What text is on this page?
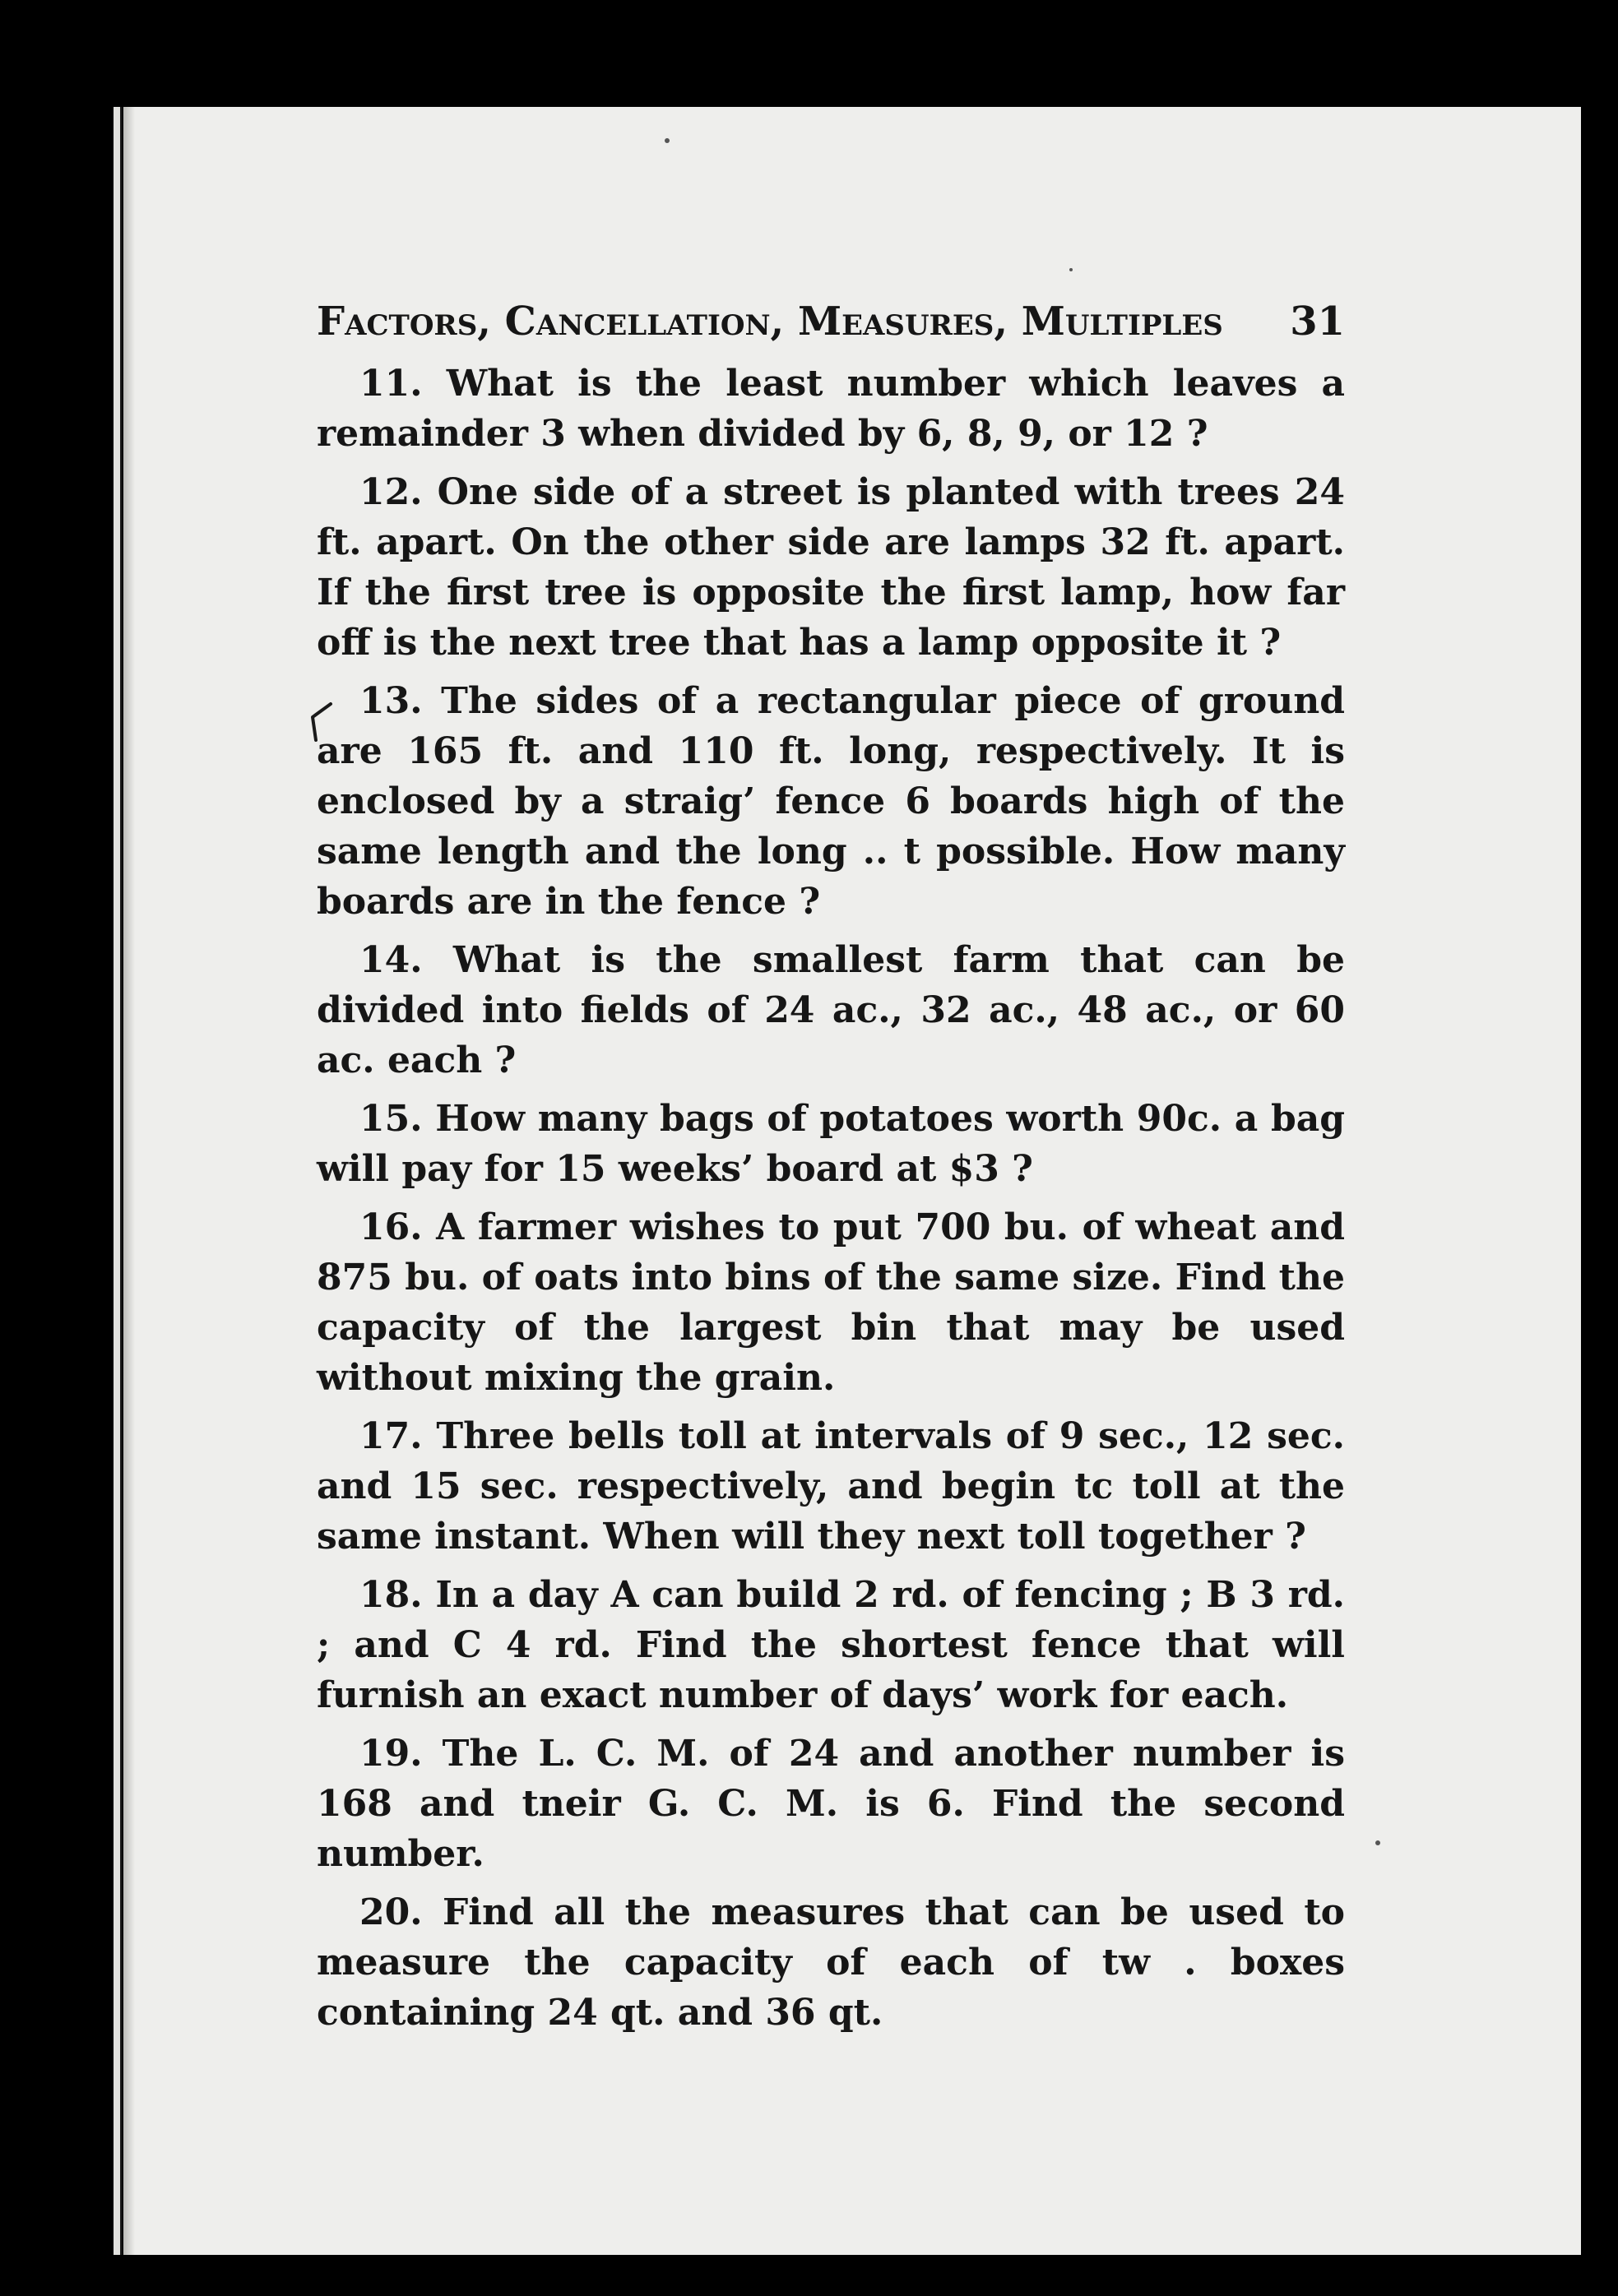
Factors, Cancellation, Measures, Multiples 31

11. What is the least number which leaves a remainder 3 when divided by 6, 8, 9, or 12 ?

12. One side of a street is planted with trees 24 ft. apart. On the other side are lamps 32 ft. apart. If the first tree is opposite the first lamp, how far off is the next tree that has a lamp opposite it ?

13. The sides of a rectangular piece of ground are 165 ft. and 110 ft. long, respectively. It is enclosed by a straig’ fence 6 boards high of the same length and the long .. t possible. How many boards are in the fence ?

14. What is the smallest farm that can be divided into fields of 24 ac., 32 ac., 48 ac., or 60 ac. each ?

15. How many bags of potatoes worth 90c. a bag will pay for 15 weeks’ board at $3 ?

16. A farmer wishes to put 700 bu. of wheat and 875 bu. of oats into bins of the same size. Find the capacity of the largest bin that may be used without mixing the grain.

17. Three bells toll at intervals of 9 sec., 12 sec. and 15 sec. respectively, and begin tc toll at the same instant. When will they next toll together ?

18. In a day A can build 2 rd. of fencing ; B 3 rd. ; and C 4 rd. Find the shortest fence that will furnish an exact number of days’ work for each.

19. The L. C. M. of 24 and another number is 168 and tneir G. C. M. is 6. Find the second number.

20. Find all the measures that can be used to measure the capacity of each of tw . boxes containing 24 qt. and 36 qt.
